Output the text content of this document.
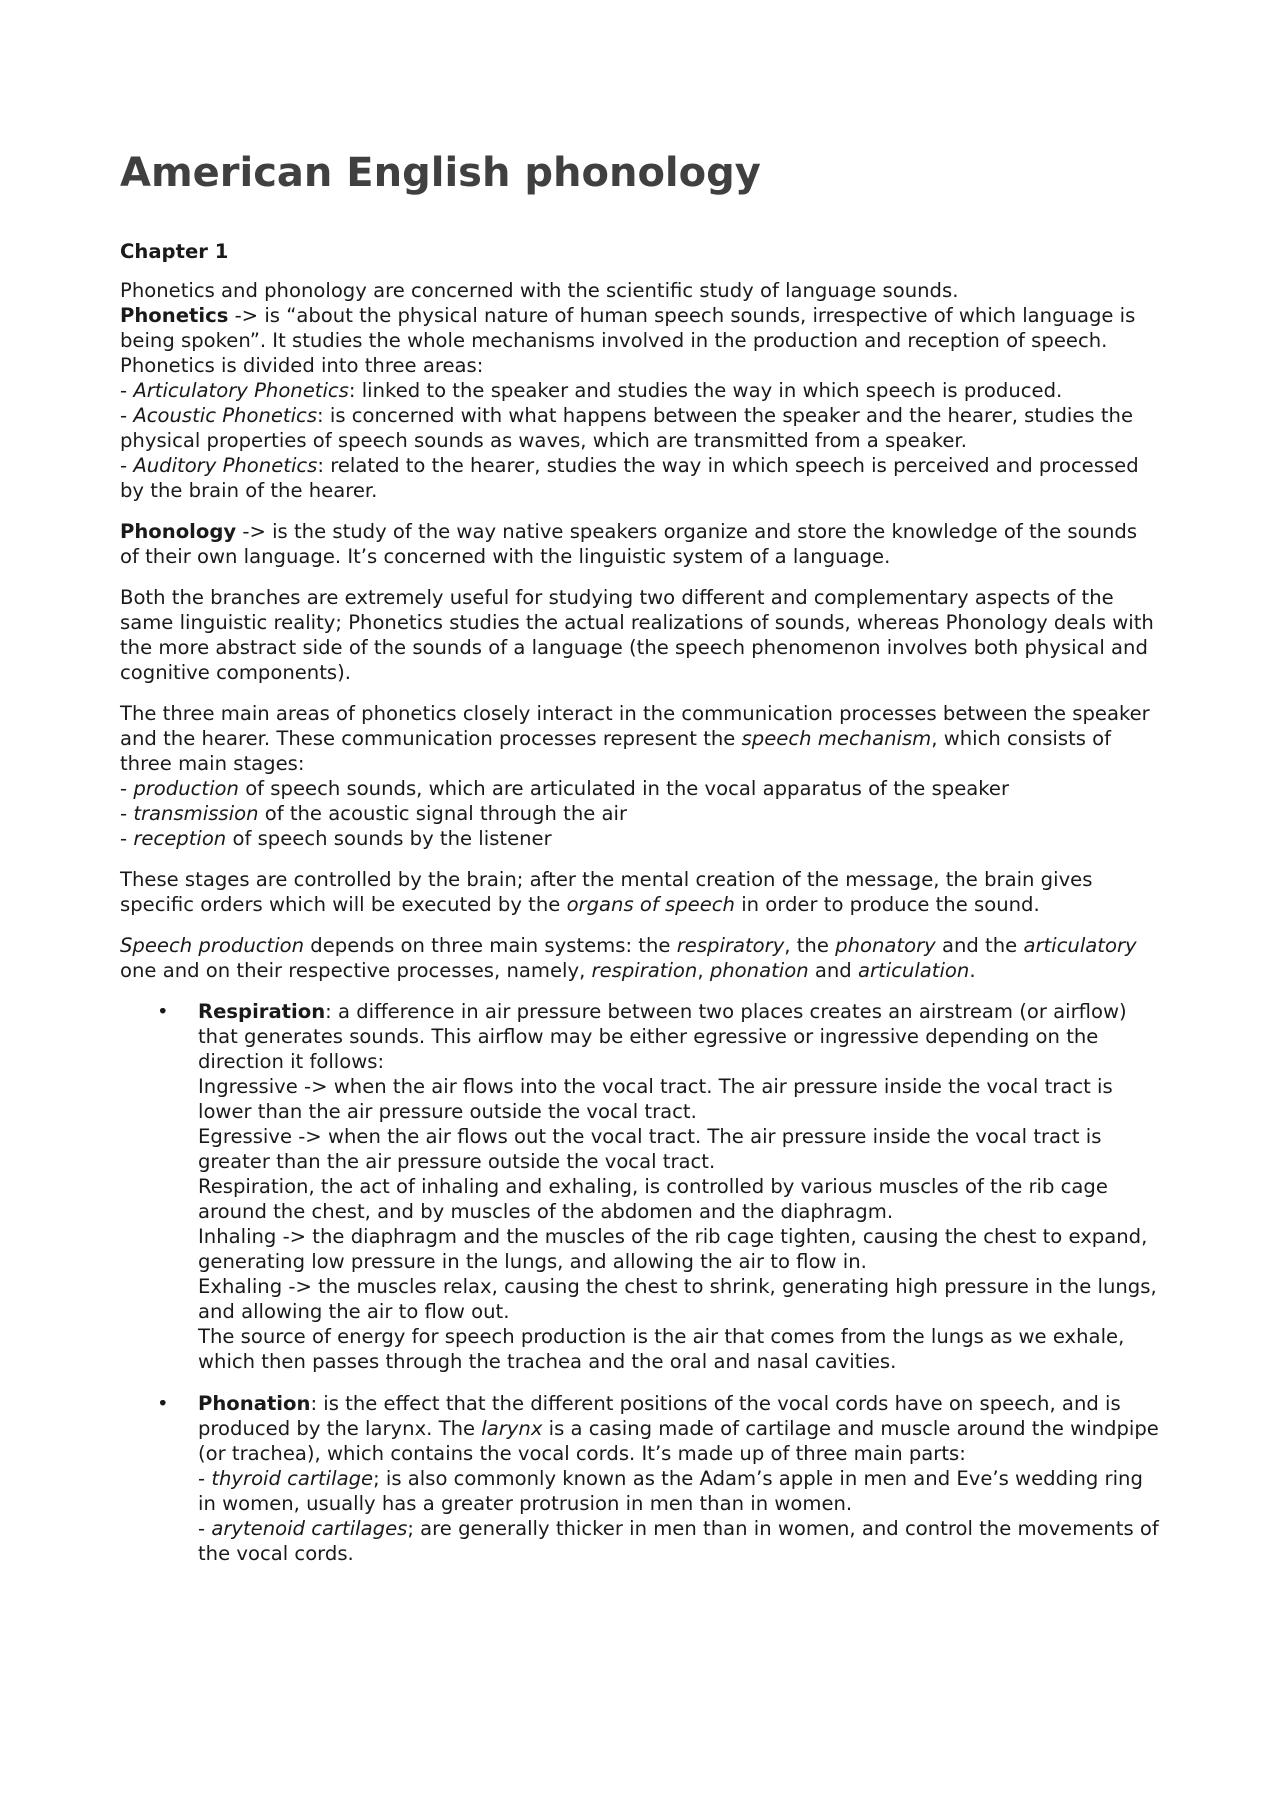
American English phonology
Chapter 1

Phonetics and phonology are concerned with the scientific study of language sounds.
Phonetics -> is “about the physical nature of human speech sounds, irrespective of which language is being spoken”. It studies the whole mechanisms involved in the production and reception of speech. Phonetics is divided into three areas:
- Articulatory Phonetics: linked to the speaker and studies the way in which speech is produced.
- Acoustic Phonetics: is concerned with what happens between the speaker and the hearer, studies the physical properties of speech sounds as waves, which are transmitted from a speaker.
- Auditory Phonetics: related to the hearer, studies the way in which speech is perceived and processed by the brain of the hearer.

Phonology -> is the study of the way native speakers organize and store the knowledge of the sounds of their own language. It’s concerned with the linguistic system of a language.

Both the branches are extremely useful for studying two different and complementary aspects of the same linguistic reality; Phonetics studies the actual realizations of sounds, whereas Phonology deals with the more abstract side of the sounds of a language (the speech phenomenon involves both physical and cognitive components).

The three main areas of phonetics closely interact in the communication processes between the speaker and the hearer. These communication processes represent the speech mechanism, which consists of three main stages:
- production of speech sounds, which are articulated in the vocal apparatus of the speaker
- transmission of the acoustic signal through the air
- reception of speech sounds by the listener

These stages are controlled by the brain; after the mental creation of the message, the brain gives specific orders which will be executed by the organs of speech in order to produce the sound.

Speech production depends on three main systems: the respiratory, the phonatory and the articulatory one and on their respective processes, namely, respiration, phonation and articulation.

• Respiration: a difference in air pressure between two places creates an airstream (or airflow) that generates sounds. This airflow may be either egressive or ingressive depending on the direction it follows:
Ingressive -> when the air flows into the vocal tract. The air pressure inside the vocal tract is lower than the air pressure outside the vocal tract.
Egressive -> when the air flows out the vocal tract. The air pressure inside the vocal tract is greater than the air pressure outside the vocal tract.
Respiration, the act of inhaling and exhaling, is controlled by various muscles of the rib cage around the chest, and by muscles of the abdomen and the diaphragm.
Inhaling -> the diaphragm and the muscles of the rib cage tighten, causing the chest to expand, generating low pressure in the lungs, and allowing the air to flow in.
Exhaling -> the muscles relax, causing the chest to shrink, generating high pressure in the lungs, and allowing the air to flow out.
The source of energy for speech production is the air that comes from the lungs as we exhale, which then passes through the trachea and the oral and nasal cavities.
• Phonation: is the effect that the different positions of the vocal cords have on speech, and is produced by the larynx. The larynx is a casing made of cartilage and muscle around the windpipe (or trachea), which contains the vocal cords. It’s made up of three main parts:
- thyroid cartilage; is also commonly known as the Adam’s apple in men and Eve’s wedding ring in women, usually has a greater protrusion in men than in women.
- arytenoid cartilages; are generally thicker in men than in women, and control the movements of the vocal cords.
